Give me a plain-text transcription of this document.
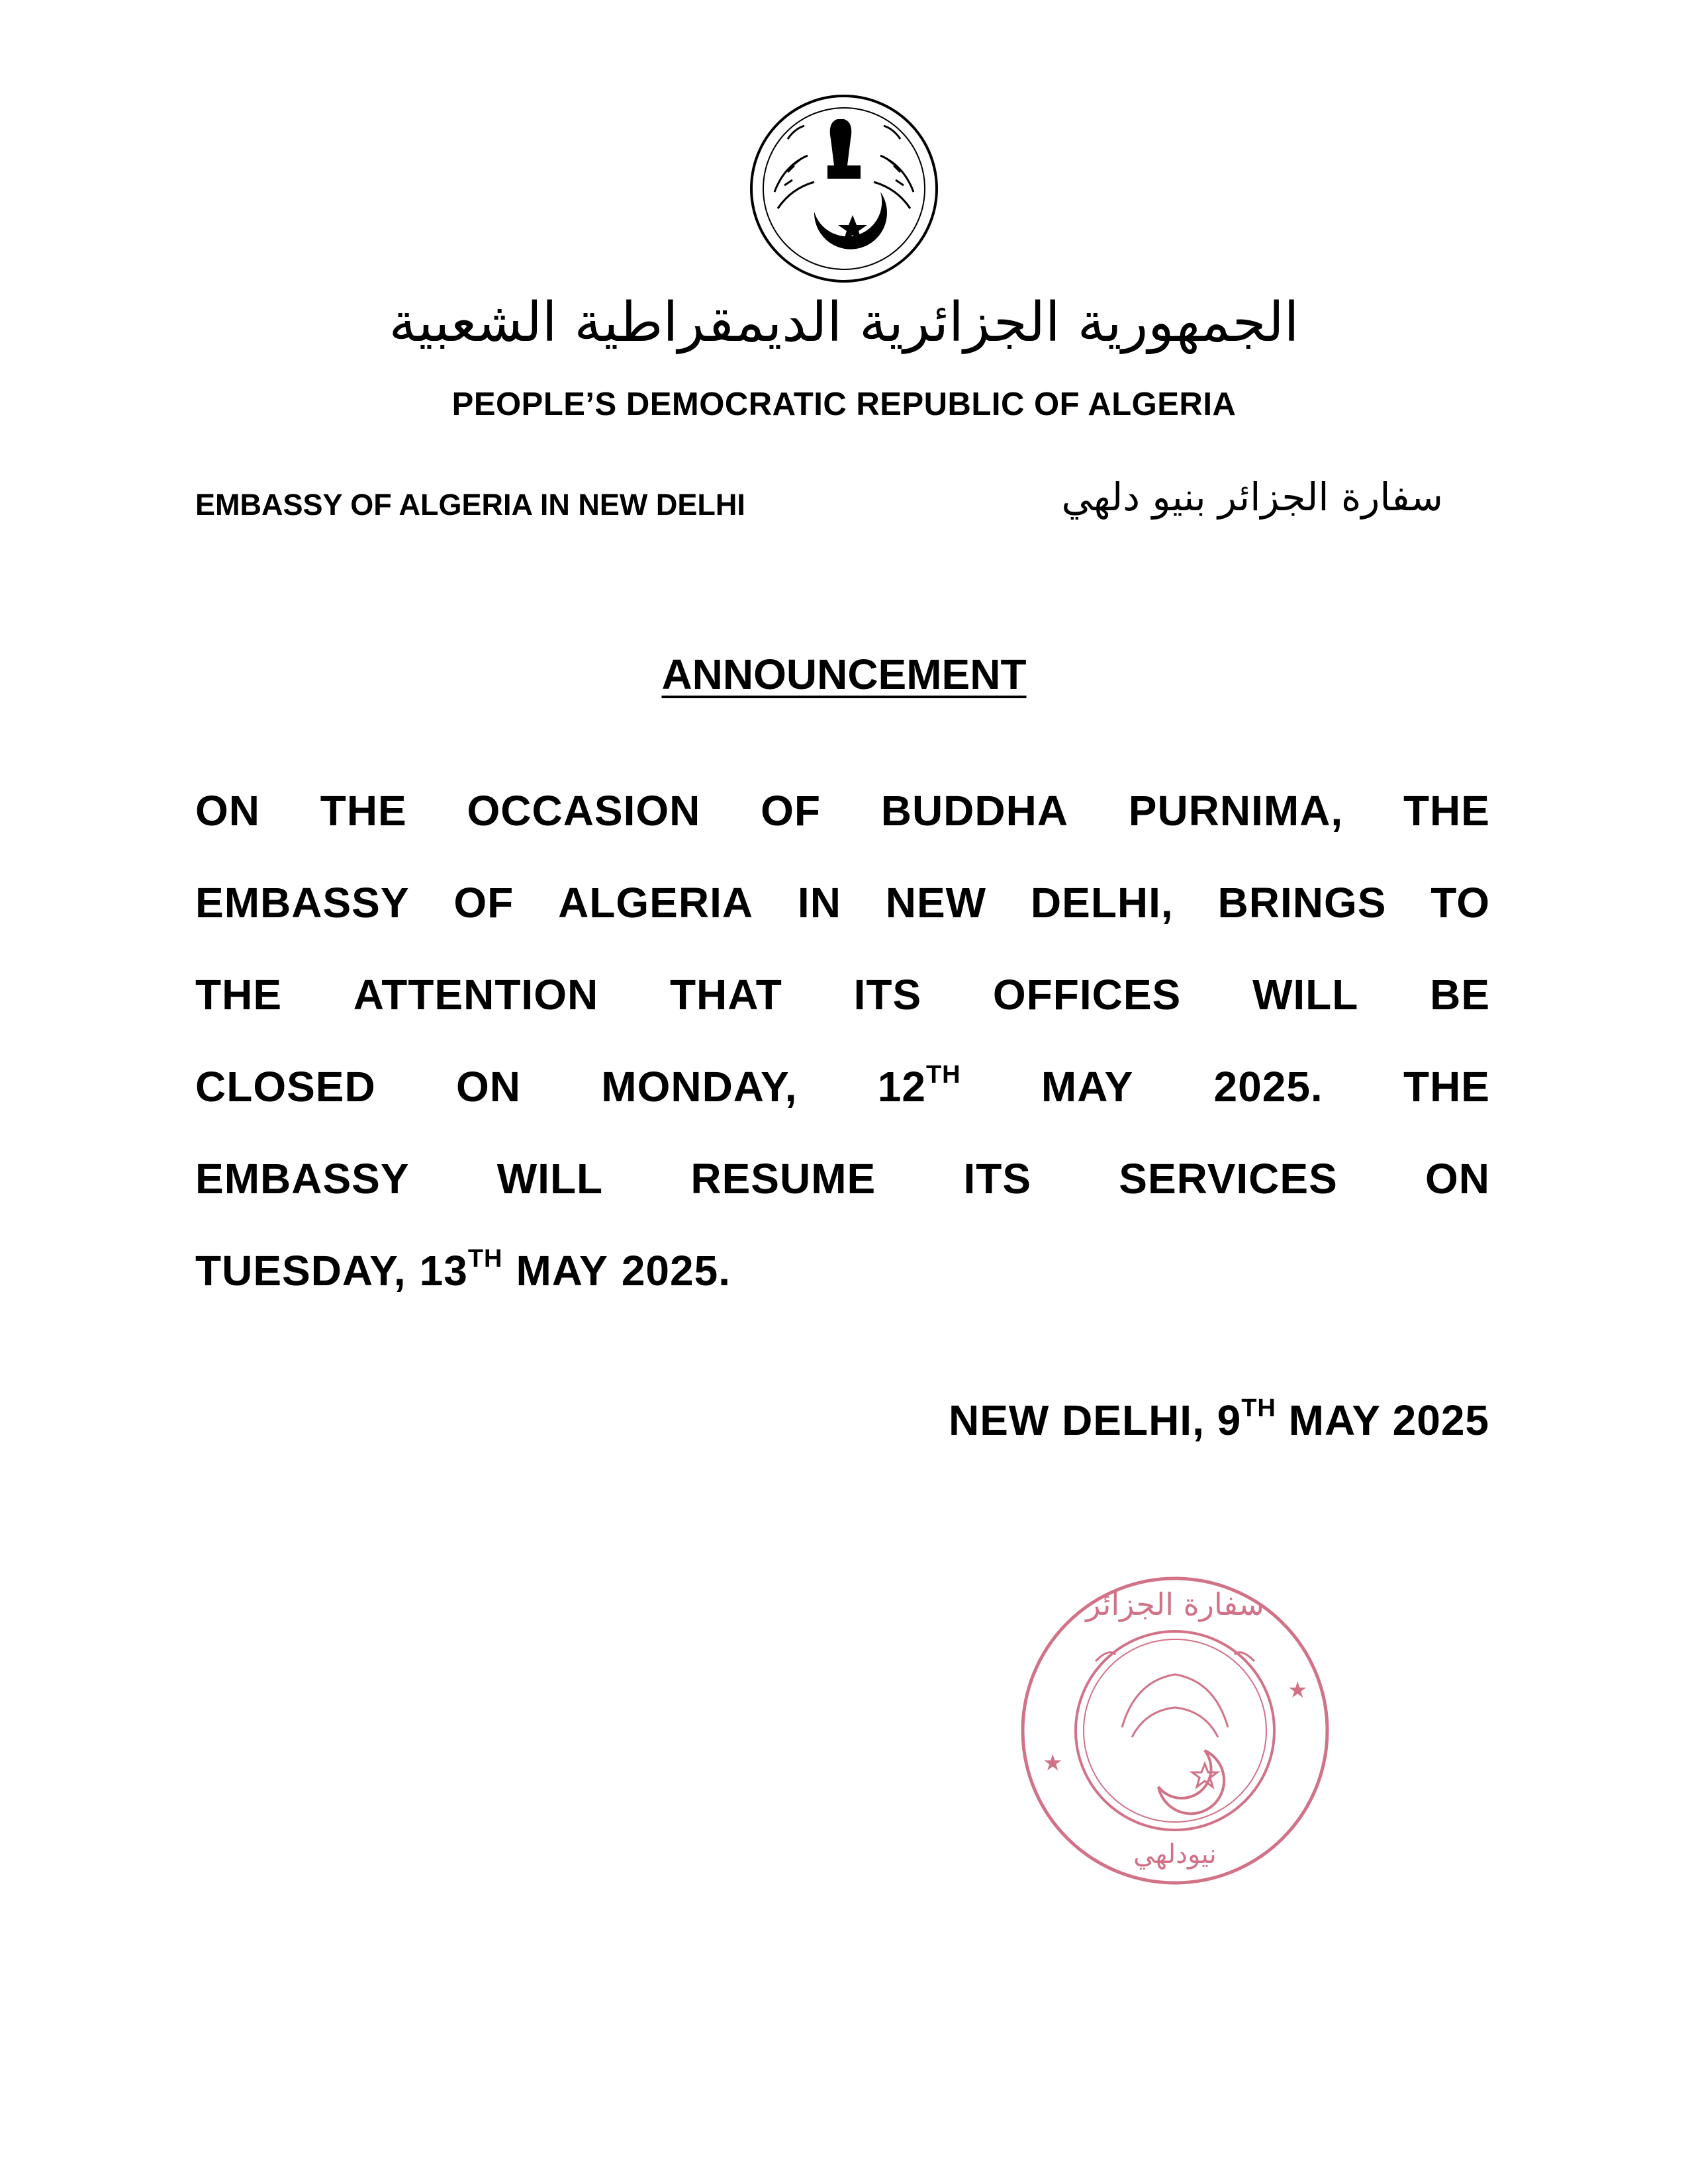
الجمهورية الجزائرية الديمقراطية الشعبية
PEOPLE’S DEMOCRATIC REPUBLIC OF ALGERIA
EMBASSY OF ALGERIA IN NEW DELHI	سفارة الجزائر بنيو دلهي
ANNOUNCEMENT
ON THE OCCASION OF BUDDHA PURNIMA, THE
EMBASSY OF ALGERIA IN NEW DELHI, BRINGS TO
THE ATTENTION THAT ITS OFFICES WILL BE
CLOSED ON MONDAY, 12TH MAY 2025. THE
EMBASSY WILL RESUME ITS SERVICES ON
TUESDAY, 13TH MAY 2025.
NEW DELHI, 9TH MAY 2025
★
★
سفارة الجزائر
نيودلهي
